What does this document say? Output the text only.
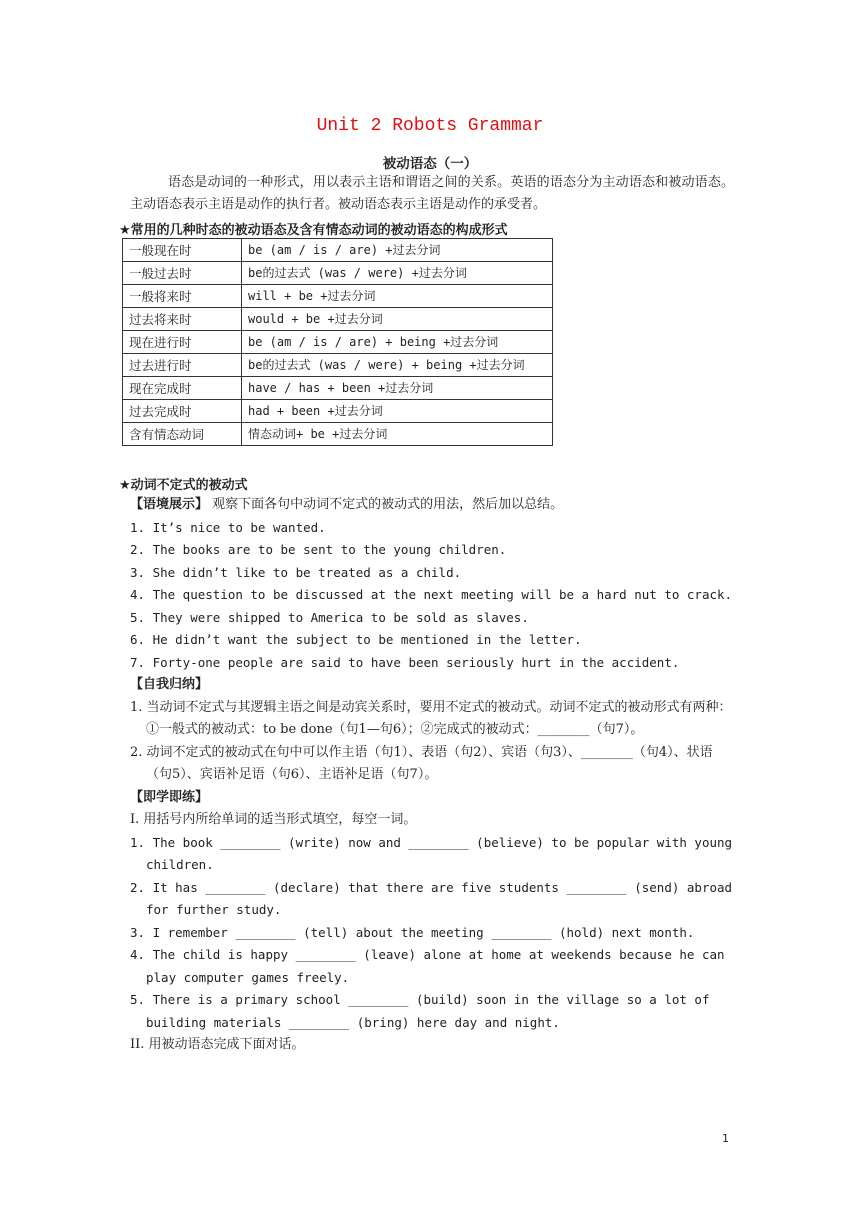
Unit 2 Robots Grammar
被动语态（一）
语态是动词的一种形式，用以表示主语和谓语之间的关系。英语的语态分为主动语态和被动语态。主动语态表示主语是动作的执行者。被动语态表示主语是动作的承受者。
★常用的几种时态的被动语态及含有情态动词的被动语态的构成形式
一般现在时	be (am / is / are) +过去分词
一般过去时	be的过去式 (was / were) +过去分词
一般将来时	will + be +过去分词
过去将来时	would + be +过去分词
现在进行时	be (am / is / are) + being +过去分词
过去进行时	be的过去式 (was / were) + being +过去分词
现在完成时	have / has + been +过去分词
过去完成时	had + been +过去分词
含有情态动词	情态动词+ be +过去分词
★动词不定式的被动式
【语境展示】 观察下面各句中动词不定式的被动式的用法，然后加以总结。
1. It’s nice to be wanted.
2. The books are to be sent to the young children.
3. She didn’t like to be treated as a child.
4. The question to be discussed at the next meeting will be a hard nut to crack.
5. They were shipped to America to be sold as slaves.
6. He didn’t want the subject to be mentioned in the letter.
7. Forty-one people are said to have been seriously hurt in the accident.
【自我归纳】
1. 当动词不定式与其逻辑主语之间是动宾关系时，要用不定式的被动式。动词不定式的被动形式有两种：①一般式的被动式：to be done（句1—句6）；②完成式的被动式：________（句7）。
2. 动词不定式的被动式在句中可以作主语（句1）、表语（句2）、宾语（句3）、________（句4）、状语（句5）、宾语补足语（句6）、主语补足语（句7）。
【即学即练】
I. 用括号内所给单词的适当形式填空，每空一词。
1. The book ________ (write) now and ________ (believe) to be popular with young children.
2. It has ________ (declare) that there are five students ________ (send) abroad for further study.
3. I remember ________ (tell) about the meeting ________ (hold) next month.
4. The child is happy ________ (leave) alone at home at weekends because he can play computer games freely.
5. There is a primary school ________ (build) soon in the village so a lot of building materials ________ (bring) here day and night.
II. 用被动语态完成下面对话。
1
